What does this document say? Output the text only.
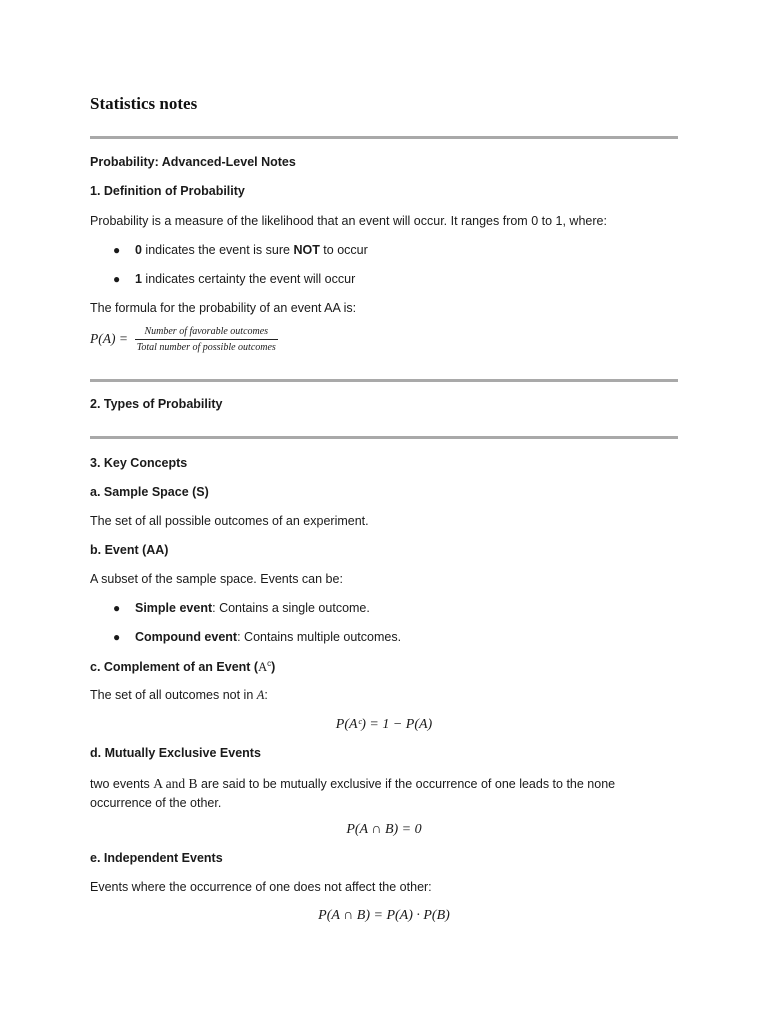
Statistics notes
Probability: Advanced-Level Notes
1. Definition of Probability
Probability is a measure of the likelihood that an event will occur. It ranges from 0 to 1, where:
● 0 indicates the event is sure NOT to occur
● 1 indicates certainty the event will occur
The formula for the probability of an event AA is:
$P(A) = \frac{\text{Number of favorable outcomes}}{\text{Total number of possible outcomes}}$
2. Types of Probability
3. Key Concepts
a. Sample Space (S)
The set of all possible outcomes of an experiment.
b. Event (AA)
A subset of the sample space. Events can be:
● Simple event: Contains a single outcome.
● Compound event: Contains multiple outcomes.
c. Complement of an Event $(A^c)$
The set of all outcomes not in A:
P(Aᶜ) = 1 − P(A)
d. Mutually Exclusive Events
two events A and B are said to be mutually exclusive if the occurrence of one leads to the none occurrence of the other.
P(A ∩ B) = 0
e. Independent Events
Events where the occurrence of one does not affect the other:
P(A ∩ B) = P(A) · P(B)
